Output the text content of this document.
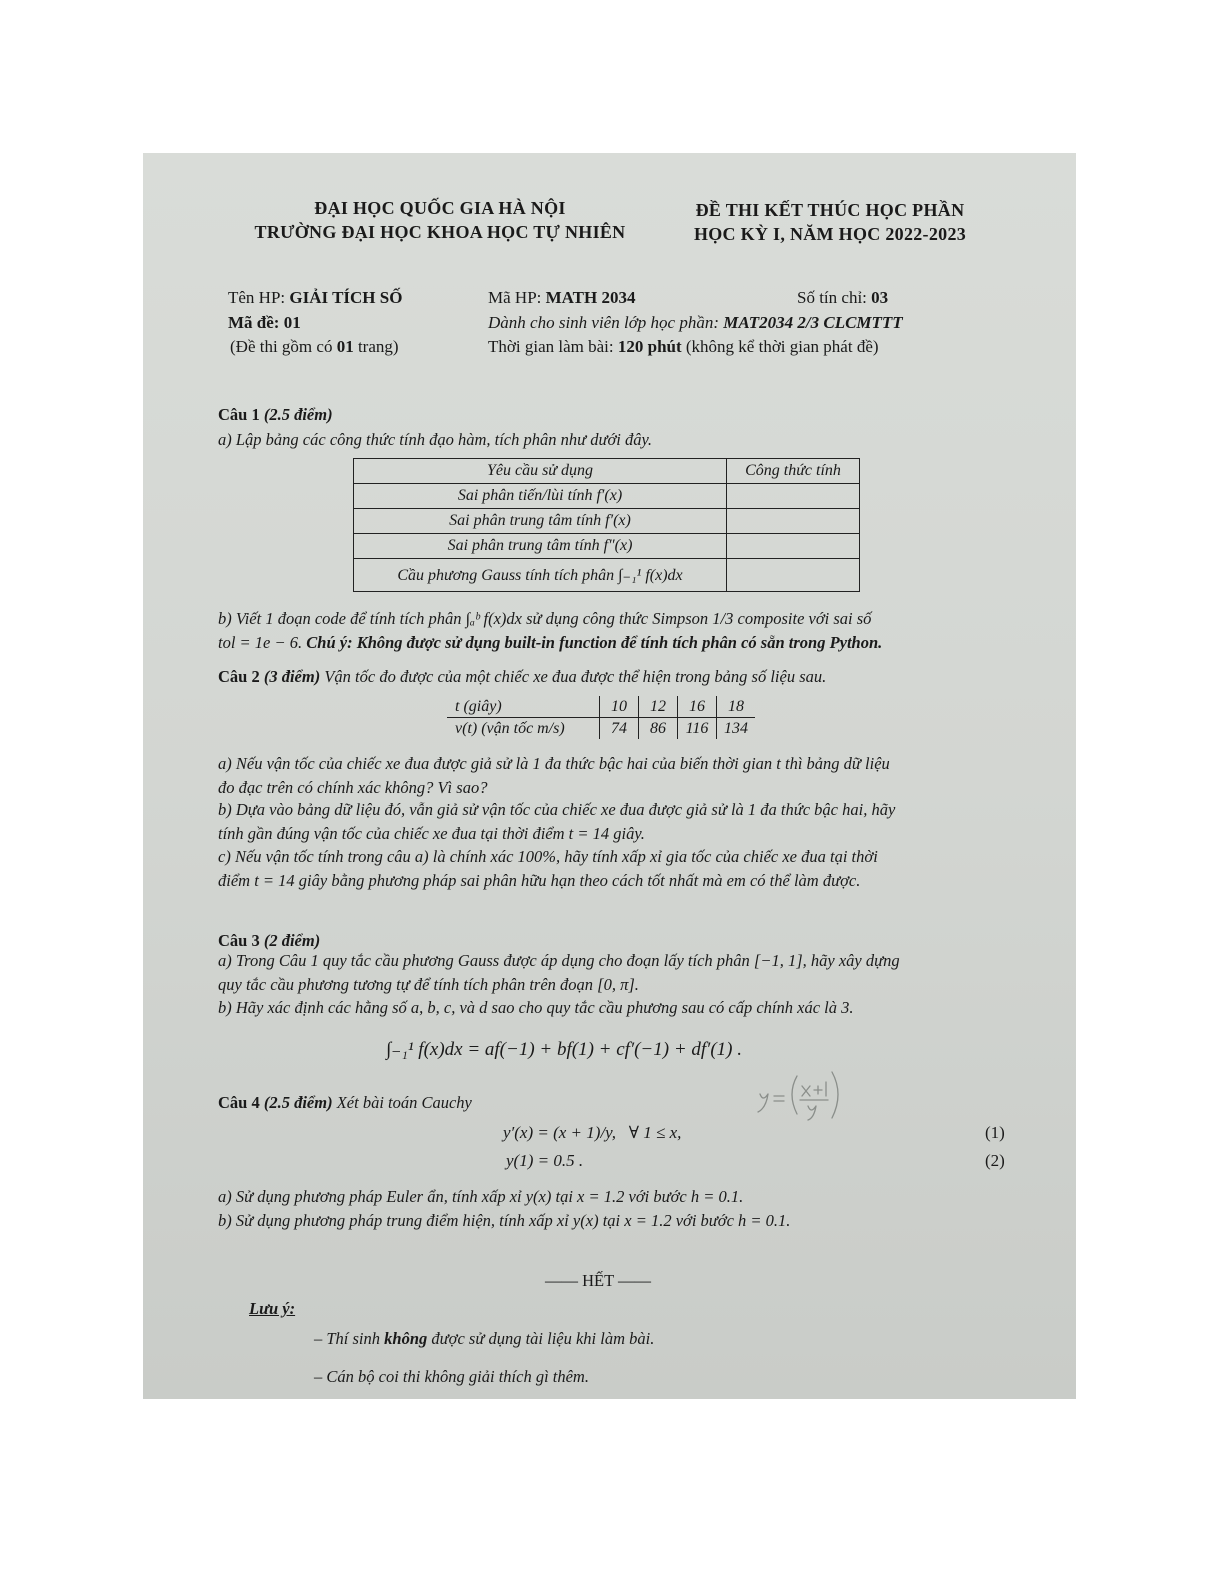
ĐẠI HỌC QUỐC GIA HÀ NỘI
TRƯỜNG ĐẠI HỌC KHOA HỌC TỰ NHIÊN
ĐỀ THI KẾT THÚC HỌC PHẦN
HỌC KỲ I, NĂM HỌC 2022-2023
Tên HP: GIẢI TÍCH SỐ	Mã HP: MATH 2034	Số tín chỉ: 03
Mã đề: 01	Dành cho sinh viên lớp học phần: MAT2034 2/3 CLCMTTT
(Đề thi gồm có 01 trang)	Thời gian làm bài: 120 phút (không kể thời gian phát đề)
Câu 1 (2.5 điểm)
a) Lập bảng các công thức tính đạo hàm, tích phân như dưới đây.
Yêu cầu sử dụng	Công thức tính
Sai phân tiến/lùi tính f′(x)	
Sai phân trung tâm tính f′(x)	
Sai phân trung tâm tính f″(x)	
Cầu phương Gauss tính tích phân ∫₋₁¹ f(x)dx	
b) Viết 1 đoạn code để tính tích phân ∫ₐᵇ f(x)dx sử dụng công thức Simpson 1/3 composite với sai số
tol = 1e − 6. Chú ý: Không được sử dụng built-in function để tính tích phân có sẵn trong Python.
Câu 2 (3 điểm) Vận tốc đo được của một chiếc xe đua được thể hiện trong bảng số liệu sau.
t (giây)	10	12	16	18
v(t) (vận tốc m/s)	74	86	116	134
a) Nếu vận tốc của chiếc xe đua được giả sử là 1 đa thức bậc hai của biến thời gian t thì bảng dữ liệu
đo đạc trên có chính xác không? Vì sao?
b) Dựa vào bảng dữ liệu đó, vẫn giả sử vận tốc của chiếc xe đua được giả sử là 1 đa thức bậc hai, hãy
tính gần đúng vận tốc của chiếc xe đua tại thời điểm t = 14 giây.
c) Nếu vận tốc tính trong câu a) là chính xác 100%, hãy tính xấp xỉ gia tốc của chiếc xe đua tại thời
điểm t = 14 giây bằng phương pháp sai phân hữu hạn theo cách tốt nhất mà em có thể làm được.
Câu 3 (2 điểm)
a) Trong Câu 1 quy tắc cầu phương Gauss được áp dụng cho đoạn lấy tích phân [−1, 1], hãy xây dựng
quy tắc cầu phương tương tự để tính tích phân trên đoạn [0, π].
b) Hãy xác định các hằng số a, b, c, và d sao cho quy tắc cầu phương sau có cấp chính xác là 3.
∫₋₁¹ f(x)dx = af(−1) + bf(1) + cf′(−1) + df′(1) .
Câu 4 (2.5 điểm) Xét bài toán Cauchy
y′(x) = (x + 1)/y,   ∀ 1 ≤ x,	(1)
y(1) = 0.5 .	(2)
a) Sử dụng phương pháp Euler ẩn, tính xấp xỉ y(x) tại x = 1.2 với bước h = 0.1.
b) Sử dụng phương pháp trung điểm hiện, tính xấp xỉ y(x) tại x = 1.2 với bước h = 0.1.
—— HẾT ——
Lưu ý:
– Thí sinh không được sử dụng tài liệu khi làm bài.
– Cán bộ coi thi không giải thích gì thêm.
